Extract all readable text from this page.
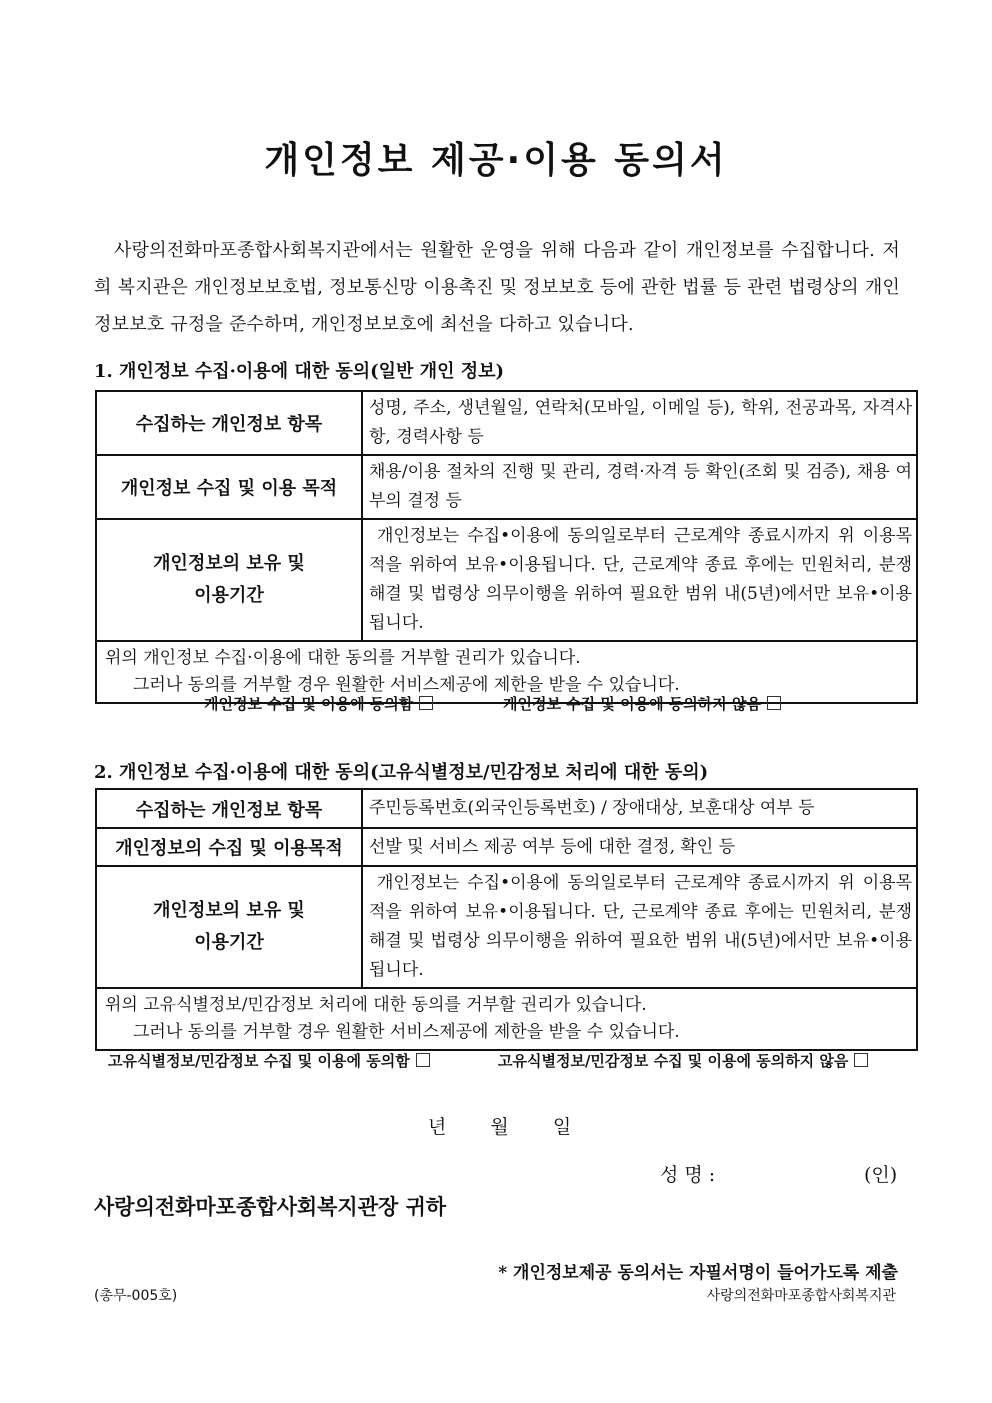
개인정보 제공·이용 동의서
사랑의전화마포종합사회복지관에서는 원활한 운영을 위해 다음과 같이 개인정보를 수집합니다. 저희 복지관은 개인정보보호법, 정보통신망 이용촉진 및 정보보호 등에 관한 법률 등 관련 법령상의 개인정보보호 규정을 준수하며, 개인정보보호에 최선을 다하고 있습니다.
1. 개인정보 수집·이용에 대한 동의(일반 개인 정보)
수집하는 개인정보 항목	성명, 주소, 생년월일, 연락처(모바일, 이메일 등), 학위, 전공과목, 자격사항, 경력사항 등
개인정보 수집 및 이용 목적	채용/이용 절차의 진행 및 관리, 경력·자격 등 확인(조회 및 검증), 채용 여부의 결정 등

개인정보의 보유 및
이용기간	개인정보는 수집•이용에 동의일로부터 근로계약 종료시까지 위 이용목적을 위하여 보유•이용됩니다. 단, 근로계약 종료 후에는 민원처리, 분쟁해결 및 법령상 의무이행을 위하여 필요한 범위 내(5년)에서만 보유•이용됩니다.

위의 개인정보 수집·이용에 대한 동의를 거부할 권리가 있습니다.
그러나 동의를 거부할 경우 원활한 서비스제공에 제한을 받을 수 있습니다.	
개인정보 수집 및 이용에 동의함	개인정보 수집 및 이용에 동의하지 않음
2. 개인정보 수집·이용에 대한 동의(고유식별정보/민감정보 처리에 대한 동의)
수집하는 개인정보 항목	주민등록번호(외국인등록번호) / 장애대상, 보훈대상 여부 등
개인정보의 수집 및 이용목적	선발 및 서비스 제공 여부 등에 대한 결정, 확인 등

개인정보의 보유 및
이용기간	개인정보는 수집•이용에 동의일로부터 근로계약 종료시까지 위 이용목적을 위하여 보유•이용됩니다. 단, 근로계약 종료 후에는 민원처리, 분쟁해결 및 법령상 의무이행을 위하여 필요한 범위 내(5년)에서만 보유•이용됩니다.

위의 고유식별정보/민감정보 처리에 대한 동의를 거부할 권리가 있습니다.
그러나 동의를 거부할 경우 원활한 서비스제공에 제한을 받을 수 있습니다.	
고유식별정보/민감정보 수집 및 이용에 동의함	고유식별정보/민감정보 수집 및 이용에 동의하지 않음
년 월 일
성 명 :	(인)
사랑의전화마포종합사회복지관장 귀하
* 개인정보제공 동의서는 자필서명이 들어가도록 제출
(총무-005호)	사랑의전화마포종합사회복지관
